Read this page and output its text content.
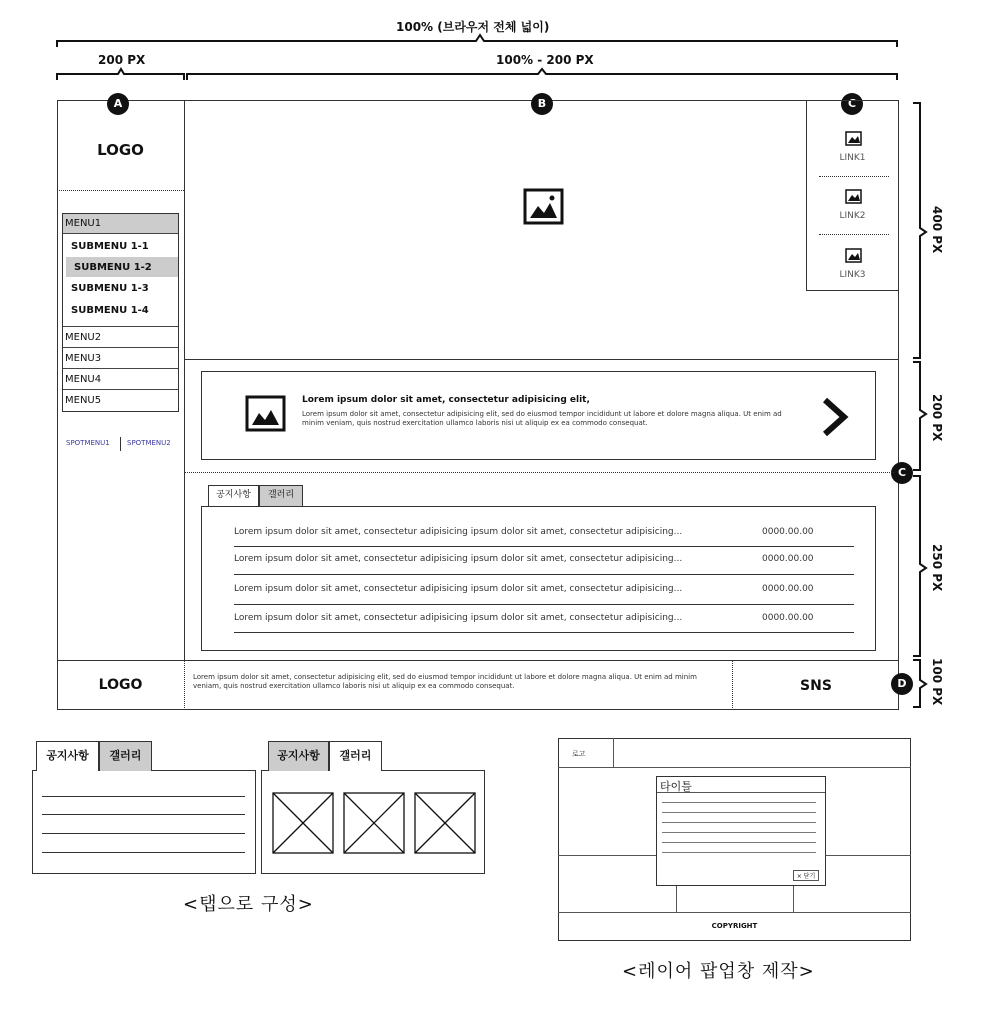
100% (브라우저 전체 넓이)
200 PX	100% - 200 PX
400 PX
200 PX
250 PX
100 PX
A	B	C
C
D
LOGO
MENU1
SUBMENU 1-1
SUBMENU 1-2
SUBMENU 1-3
SUBMENU 1-4
MENU2
MENU3
MENU4
MENU5
SPOTMENU1 SPOTMENU2
LINK1
LINK2
LINK3
Lorem ipsum dolor sit amet, consectetur adipisicing elit,
Lorem ipsum dolor sit amet, consectetur adipisicing elit, sed do eiusmod tempor incididunt ut labore et dolore magna aliqua. Ut enim ad minim veniam, quis nostrud exercitation ullamco laboris nisi ut aliquip ex ea commodo consequat.
공지사항	갤러리
Lorem ipsum dolor sit amet, consectetur adipisicing ipsum dolor sit amet, consectetur adipisicing...	0000.00.00
Lorem ipsum dolor sit amet, consectetur adipisicing ipsum dolor sit amet, consectetur adipisicing...	0000.00.00
Lorem ipsum dolor sit amet, consectetur adipisicing ipsum dolor sit amet, consectetur adipisicing...	0000.00.00
Lorem ipsum dolor sit amet, consectetur adipisicing ipsum dolor sit amet, consectetur adipisicing...	0000.00.00
LOGO	Lorem ipsum dolor sit amet, consectetur adipisicing elit, sed do eiusmod tempor incididunt ut labore et dolore magna aliqua. Ut enim ad minim veniam, quis nostrud exercitation ullamco laboris nisi ut aliquip ex ea commodo consequat.	SNS
공지사항	갤러리	공지사항	갤러리
<탭으로 구성>
로고
COPYRIGHT
타이틀
× 닫기
<레이어 팝업창 제작>
